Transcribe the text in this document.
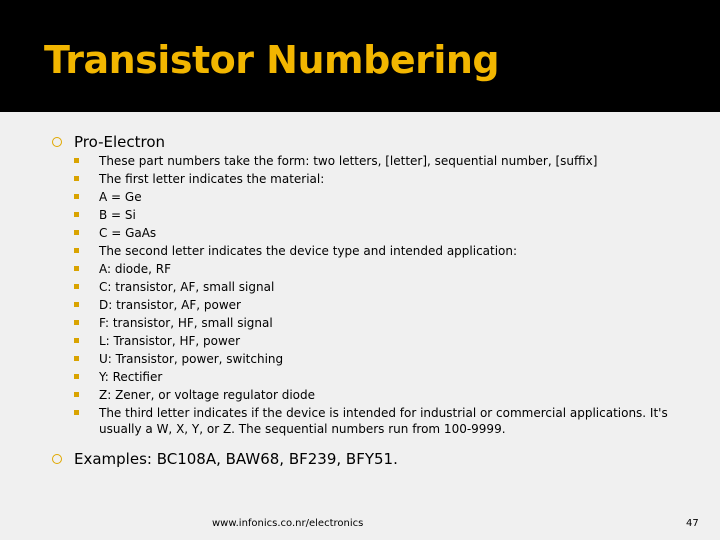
Transistor Numbering
Pro-Electron
These part numbers take the form: two letters, [letter], sequential number, [suffix]
The first letter indicates the material:
A = Ge
B = Si
C = GaAs
The second letter indicates the device type and intended application:
A: diode, RF
C: transistor, AF, small signal
D: transistor, AF, power
F: transistor, HF, small signal
L: Transistor, HF, power
U: Transistor, power, switching
Y: Rectifier
Z: Zener, or voltage regulator diode
The third letter indicates if the device is intended for industrial or commercial applications. It's usually a W, X, Y, or Z. The sequential numbers run from 100-9999.
Examples: BC108A, BAW68, BF239, BFY51.
www.infonics.co.nr/electronics	47
